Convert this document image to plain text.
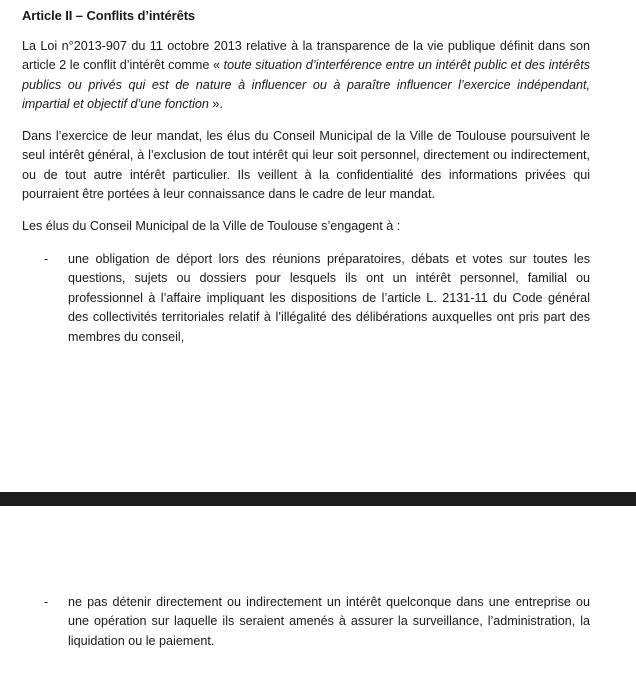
Article II – Conflits d’intérêts

La Loi n°2013-907 du 11 octobre 2013 relative à la transparence de la vie publique définit dans son article 2 le conflit d’intérêt comme « toute situation d’interférence entre un intérêt public et des intérêts publics ou privés qui est de nature à influencer ou à paraître influencer l’exercice indépendant, impartial et objectif d’une fonction ».

Dans l’exercice de leur mandat, les élus du Conseil Municipal de la Ville de Toulouse poursuivent le seul intérêt général, à l’exclusion de tout intérêt qui leur soit personnel, directement ou indirectement, ou de tout autre intérêt particulier. Ils veillent à la confidentialité des informations privées qui pourraient être portées à leur connaissance dans le cadre de leur mandat.

Les élus du Conseil Municipal de la Ville de Toulouse s’engagent à :

- une obligation de déport lors des réunions préparatoires, débats et votes sur toutes les questions, sujets ou dossiers pour lesquels ils ont un intérêt personnel, familial ou professionnel à l’affaire impliquant les dispositions de l’article L. 2131-11 du Code général des collectivités territoriales relatif à l’illégalité des délibérations auxquelles ont pris part des membres du conseil,

- ne pas détenir directement ou indirectement un intérêt quelconque dans une entreprise ou une opération sur laquelle ils seraient amenés à assurer la surveillance, l’administration, la liquidation ou le paiement.
